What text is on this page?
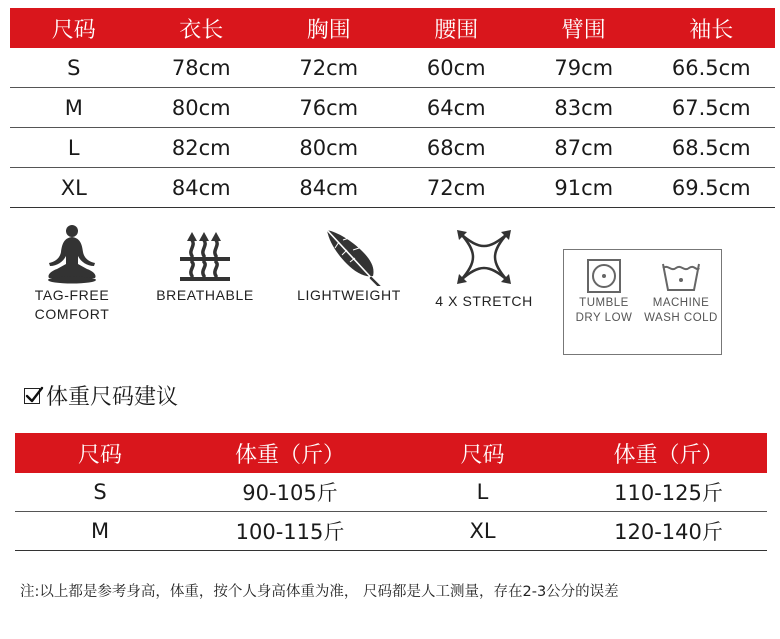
尺码	衣长	胸围	腰围	臂围	袖长
S	78cm	72cm	60cm	79cm	66.5cm
M	80cm	76cm	64cm	83cm	67.5cm
L	82cm	80cm	68cm	87cm	68.5cm
XL	84cm	84cm	72cm	91cm	69.5cm
TAG-FREE
COMFORT
BREATHABLE	LIGHTWEIGHT 4 X STRETCH	TUMBLE
DRY LOW
MACHINE
WASH COLD
体重尺码建议
尺码	体重（斤）	尺码	体重（斤）
S	90-105斤	L	110-125斤
M	100-115斤	XL	120-140斤
注:以上都是参考身高，体重，按个人身高体重为准， 尺码都是人工测量，存在2-3公分的误差
